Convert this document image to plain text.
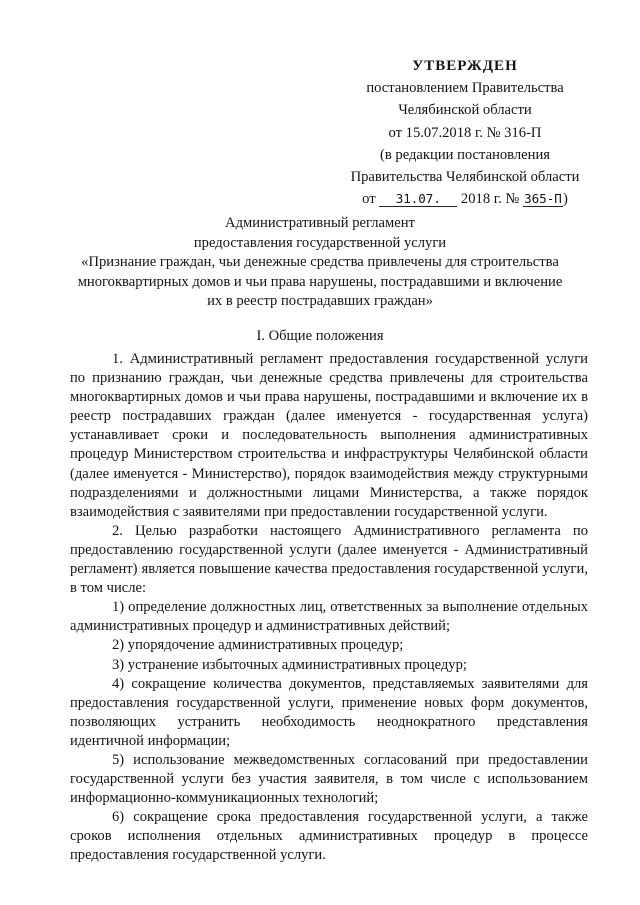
УТВЕРЖДЕН
постановлением Правительства
Челябинской области
от 15.07.2018 г. № 316-П
(в редакции постановления
Правительства Челябинской области
от 31.07. 2018 г. № 365-П)
Административный регламент
предоставления государственной услуги
«Признание граждан, чьи денежные средства привлечены для строительства
многоквартирных домов и чьи права нарушены, пострадавшими и включение
их в реестр пострадавших граждан»
I. Общие положения

1. Административный регламент предоставления государственной услуги по признанию граждан, чьи денежные средства привлечены для строительства многоквартирных домов и чьи права нарушены, пострадавшими и включение их в реестр пострадавших граждан (далее именуется - государственная услуга) устанавливает сроки и последовательность выполнения административных процедур Министерством строительства и инфраструктуры Челябинской области (далее именуется - Министерство), порядок взаимодействия между структурными подразделениями и должностными лицами Министерства, а также порядок взаимодействия с заявителями при предоставлении государственной услуги.

2. Целью разработки настоящего Административного регламента по предоставлению государственной услуги (далее именуется - Административный регламент) является повышение качества предоставления государственной услуги, в том числе:

1) определение должностных лиц, ответственных за выполнение отдельных административных процедур и административных действий;

2) упорядочение административных процедур;

3) устранение избыточных административных процедур;

4) сокращение количества документов, представляемых заявителями для предоставления государственной услуги, применение новых форм документов, позволяющих устранить необходимость неоднократного представления идентичной информации;

5) использование межведомственных согласований при предоставлении государственной услуги без участия заявителя, в том числе с использованием информационно-коммуникационных технологий;

6) сокращение срока предоставления государственной услуги, а также сроков исполнения отдельных административных процедур в процессе предоставления государственной услуги.
